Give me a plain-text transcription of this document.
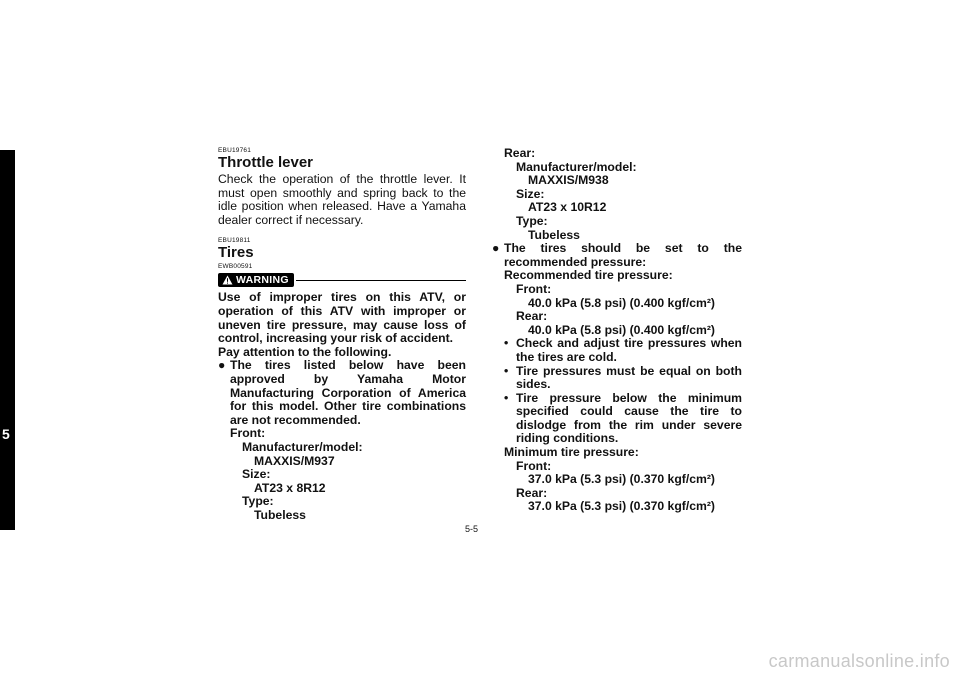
5
EBU19761
Throttle lever

Check the operation of the throttle lever. It must open smoothly and spring back to the idle position when released. Have a Yamaha dealer correct if necessary.

EBU19811
Tires
EWB00591
WARNING
Use of improper tires on this ATV, or operation of this ATV with improper or uneven tire pressure, may cause loss of control, increasing your risk of accident.
Pay attention to the following.
● The tires listed below have been approved by Yamaha Motor Manufacturing Corporation of America for this model. Other tire combinations are not recommended.
Front:
Manufacturer/model:
MAXXIS/M937
Size:
AT23 x 8R12
Type:
Tubeless
Rear:
Manufacturer/model:
MAXXIS/M938
Size:
AT23 x 10R12
Type:
Tubeless
● The tires should be set to the recommended pressure:
Recommended tire pressure:
Front:
40.0 kPa (5.8 psi) (0.400 kgf/cm²)
Rear:
40.0 kPa (5.8 psi) (0.400 kgf/cm²)
• Check and adjust tire pressures when the tires are cold.
• Tire pressures must be equal on both sides.
• Tire pressure below the minimum specified could cause the tire to dislodge from the rim under severe riding conditions.
Minimum tire pressure:
Front:
37.0 kPa (5.3 psi) (0.370 kgf/cm²)
Rear:
37.0 kPa (5.3 psi) (0.370 kgf/cm²)
5-5
carmanualsonline.info
